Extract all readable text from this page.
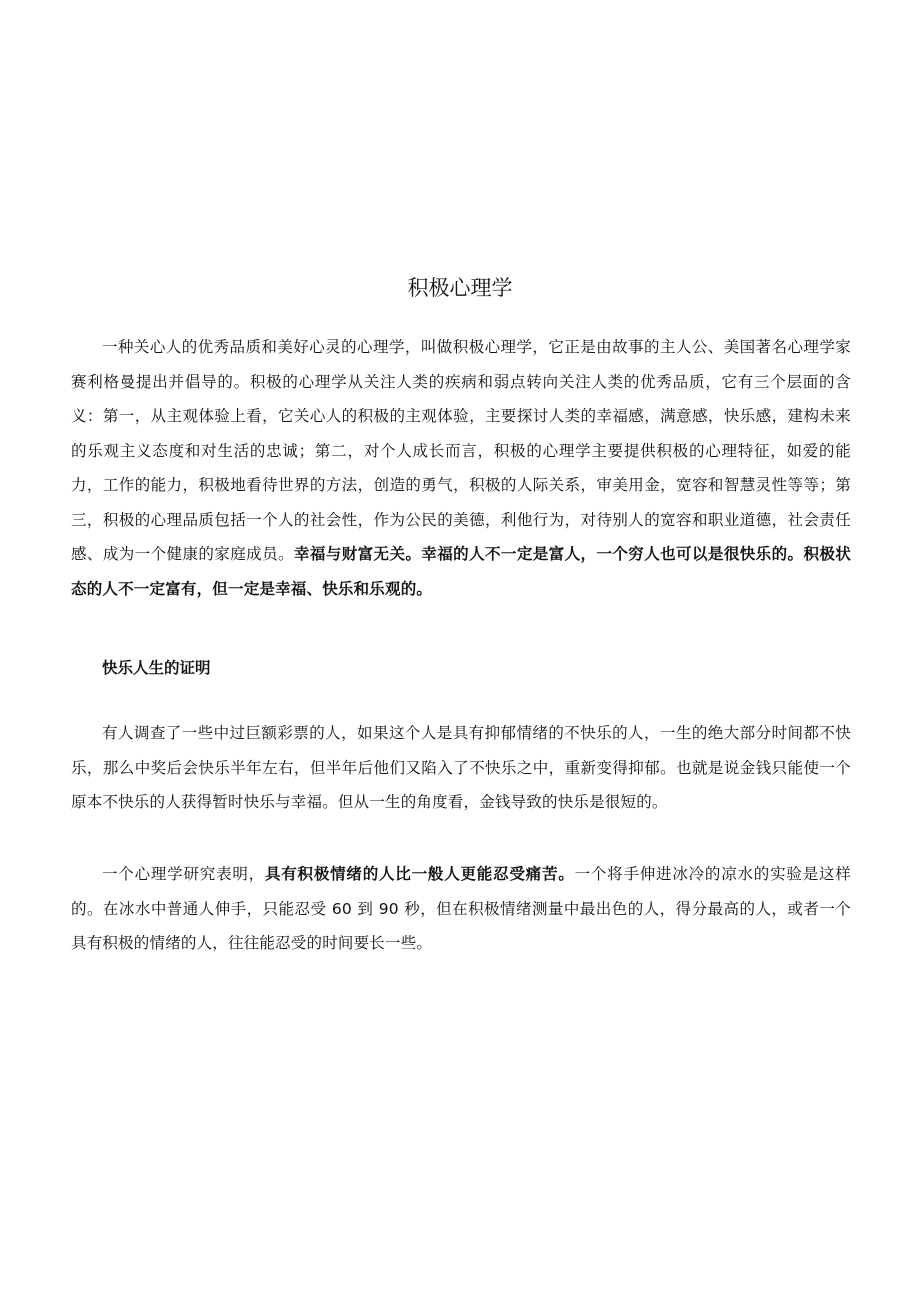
积极心理学

一种关心人的优秀品质和美好心灵的心理学，叫做积极心理学，它正是由故事的主人公、美国著名心理学家赛利格曼提出并倡导的。积极的心理学从关注人类的疾病和弱点转向关注人类的优秀品质，它有三个层面的含义：第一，从主观体验上看，它关心人的积极的主观体验，主要探讨人类的幸福感，满意感，快乐感，建构未来的乐观主义态度和对生活的忠诚；第二，对个人成长而言，积极的心理学主要提供积极的心理特征，如爱的能力，工作的能力，积极地看待世界的方法，创造的勇气，积极的人际关系，审美用金，宽容和智慧灵性等等；第三，积极的心理品质包括一个人的社会性，作为公民的美德，利他行为，对待别人的宽容和职业道德，社会责任感、成为一个健康的家庭成员。幸福与财富无关。幸福的人不一定是富人，一个穷人也可以是很快乐的。积极状态的人不一定富有，但一定是幸福、快乐和乐观的。

快乐人生的证明

有人调查了一些中过巨额彩票的人，如果这个人是具有抑郁情绪的不快乐的人，一生的绝大部分时间都不快乐，那么中奖后会快乐半年左右，但半年后他们又陷入了不快乐之中，重新变得抑郁。也就是说金钱只能使一个原本不快乐的人获得暂时快乐与幸福。但从一生的角度看，金钱导致的快乐是很短的。

一个心理学研究表明，具有积极情绪的人比一般人更能忍受痛苦。一个将手伸进冰冷的凉水的实验是这样的。在冰水中普通人伸手，只能忍受 60 到 90 秒，但在积极情绪测量中最出色的人，得分最高的人，或者一个具有积极的情绪的人，往往能忍受的时间要长一些。
